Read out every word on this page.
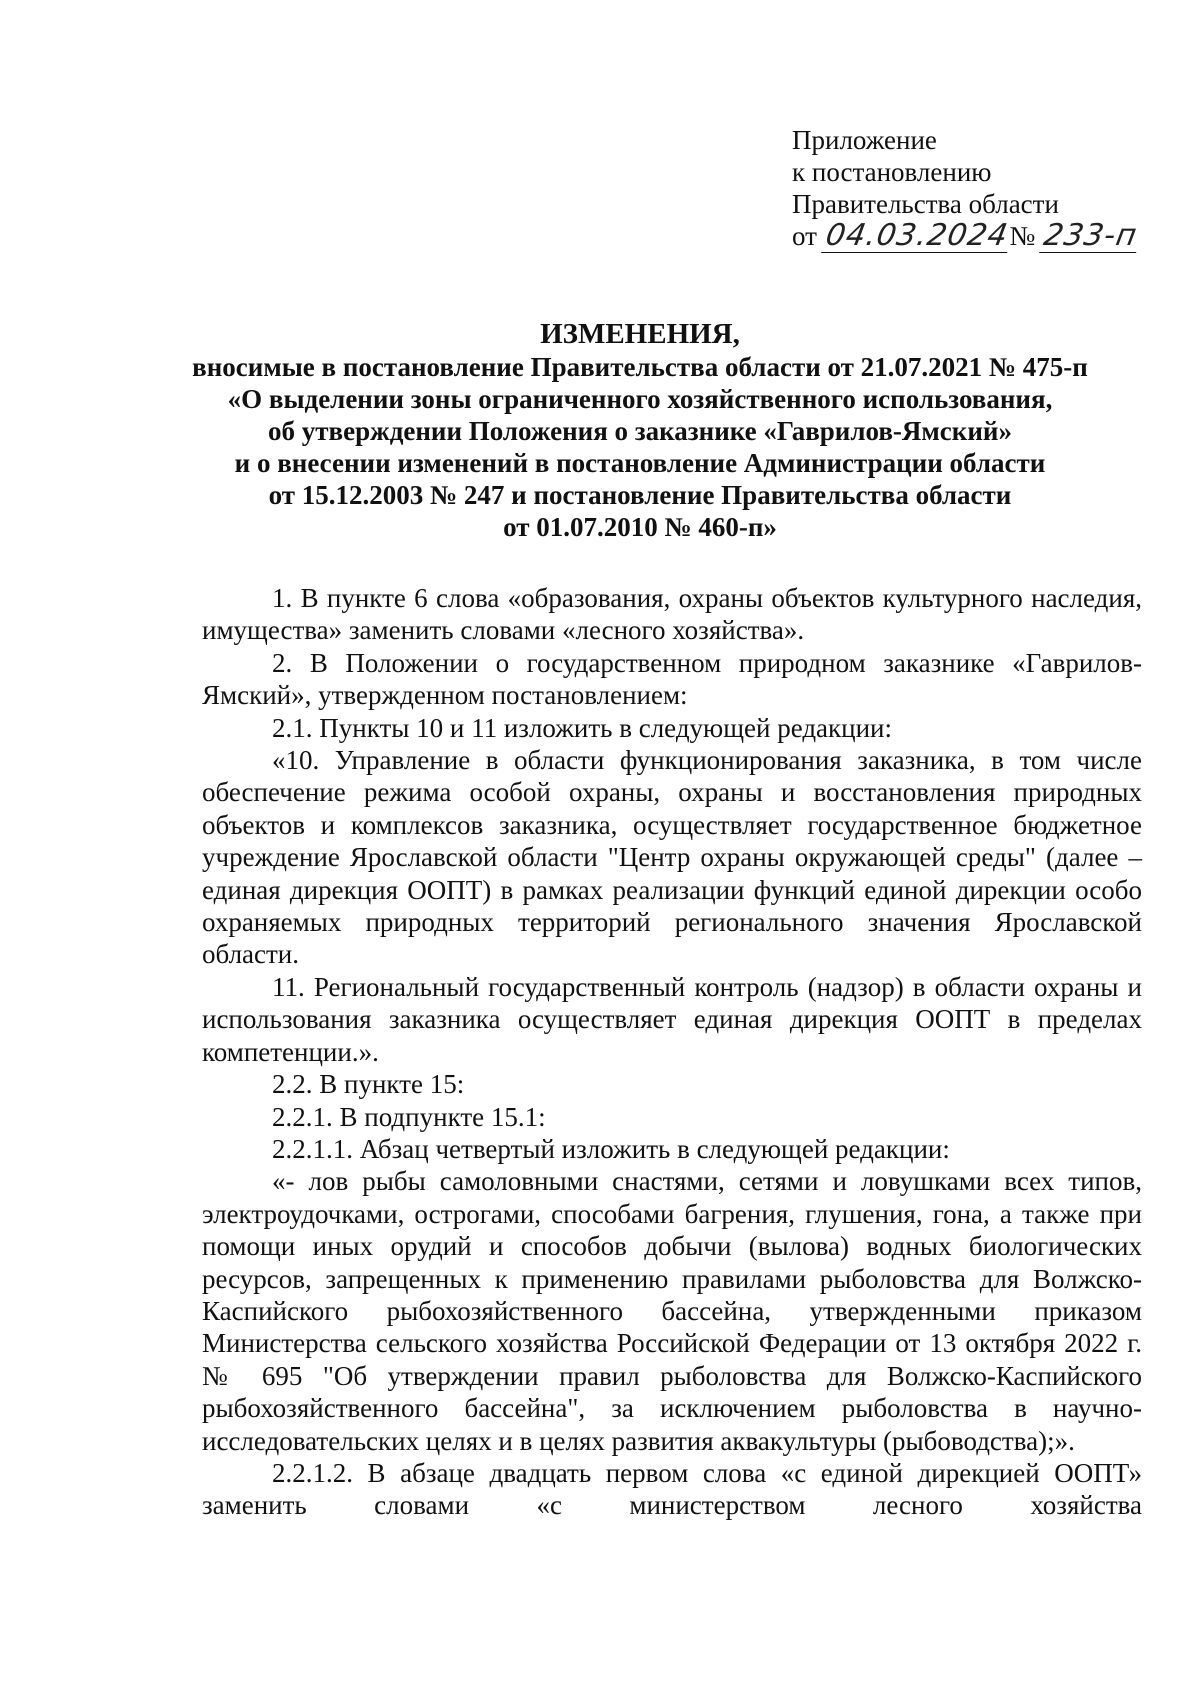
Приложение
к постановлению
Правительства области
от 04.03.2024№ 233-п
ИЗМЕНЕНИЯ,
вносимые в постановление Правительства области от 21.07.2021 № 475-п
«О выделении зоны ограниченного хозяйственного использования,
об утверждении Положения о заказнике «Гаврилов-Ямский»
и о внесении изменений в постановление Администрации области
от 15.12.2003 № 247 и постановление Правительства области
от 01.07.2010 № 460-п»

1. В пункте 6 слова «образования, охраны объектов культурного наследия, имущества» заменить словами «лесного хозяйства».

2. В Положении о государственном природном заказнике «Гаврилов-Ямский», утвержденном постановлением:

2.1. Пункты 10 и 11 изложить в следующей редакции:

«10. Управление в области функционирования заказника, в том числе обеспечение режима особой охраны, охраны и восстановления природных объектов и комплексов заказника, осуществляет государственное бюджетное учреждение Ярославской области "Центр охраны окружающей среды" (далее – единая дирекция ООПТ) в рамках реализации функций единой дирекции особо охраняемых природных территорий регионального значения Ярославской области.

11. Региональный государственный контроль (надзор) в области охраны и использования заказника осуществляет единая дирекция ООПТ в пределах компетенции.».

2.2. В пункте 15:

2.2.1. В подпункте 15.1:

2.2.1.1. Абзац четвертый изложить в следующей редакции:

«- лов рыбы самоловными снастями, сетями и ловушками всех типов, электроудочками, острогами, способами багрения, глушения, гона, а также при помощи иных орудий и способов добычи (вылова) водных биологических ресурсов, запрещенных к применению правилами рыболовства для Волжско-Каспийского рыбохозяйственного бассейна, утвержденными приказом Министерства сельского хозяйства Российской Федерации от 13 октября 2022 г. № 695 "Об утверждении правил рыболовства для Волжско-Каспийского рыбохозяйственного бассейна", за исключением рыболовства в научно-исследовательских целях и в целях развития аквакультуры (рыбоводства);».

2.2.1.2. В абзаце двадцать первом слова «с единой дирекцией ООПТ» заменить словами «с министерством лесного хозяйства
